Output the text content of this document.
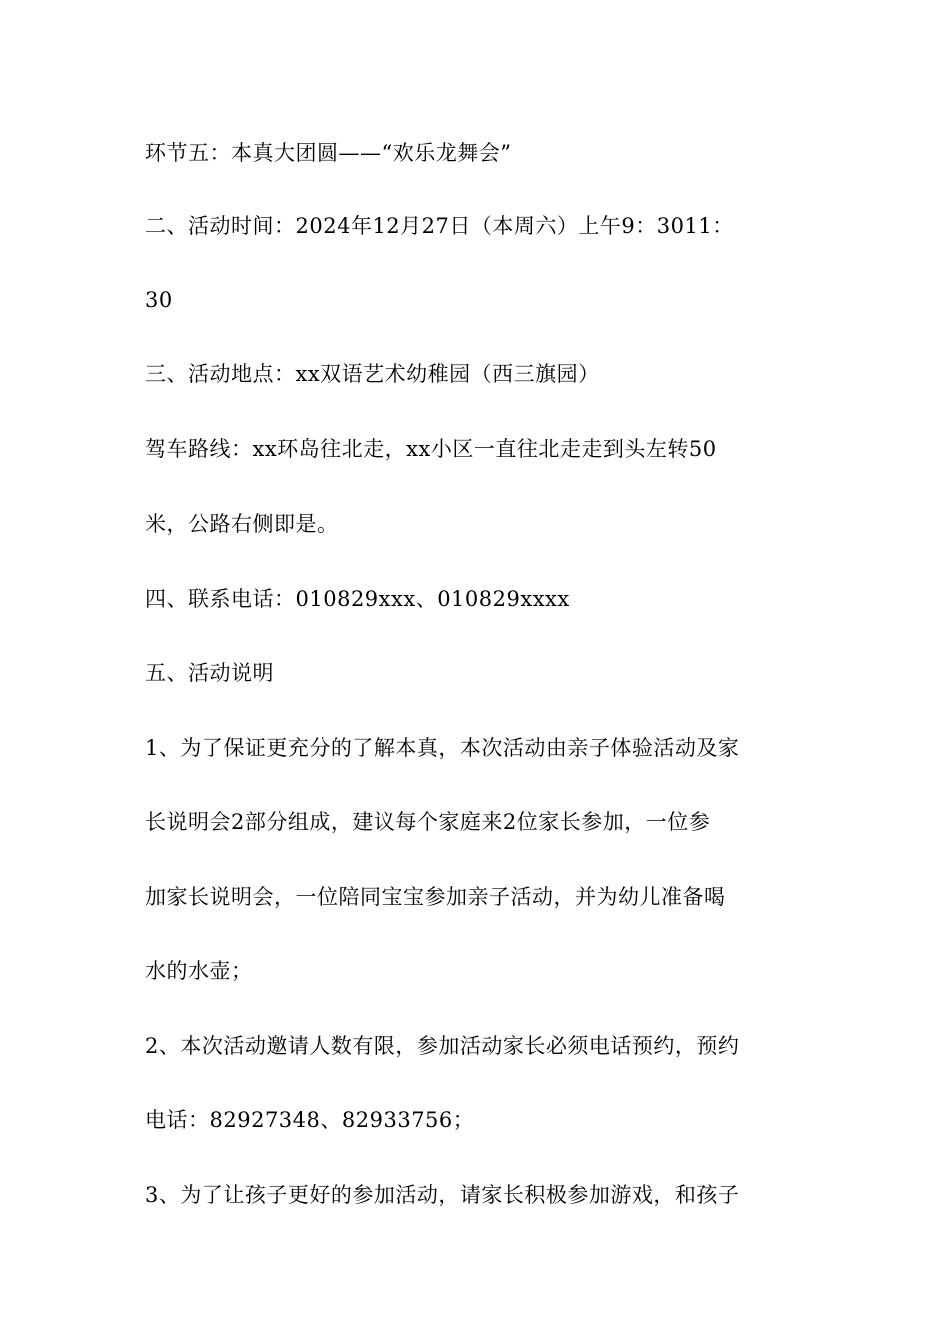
环节五：本真大团圆——“欢乐龙舞会”
二、活动时间：2024年12月27日（本周六）上午9：3011：
30
三、活动地点：xx双语艺术幼稚园（西三旗园）
驾车路线：xx环岛往北走，xx小区一直往北走走到头左转50
米，公路右侧即是。
四、联系电话：010829xxx、010829xxxx
五、活动说明
1、为了保证更充分的了解本真，本次活动由亲子体验活动及家
长说明会2部分组成，建议每个家庭来2位家长参加，一位参
加家长说明会，一位陪同宝宝参加亲子活动，并为幼儿准备喝
水的水壶；
2、本次活动邀请人数有限，参加活动家长必须电话预约，预约
电话：82927348、82933756；
3、为了让孩子更好的参加活动，请家长积极参加游戏，和孩子
